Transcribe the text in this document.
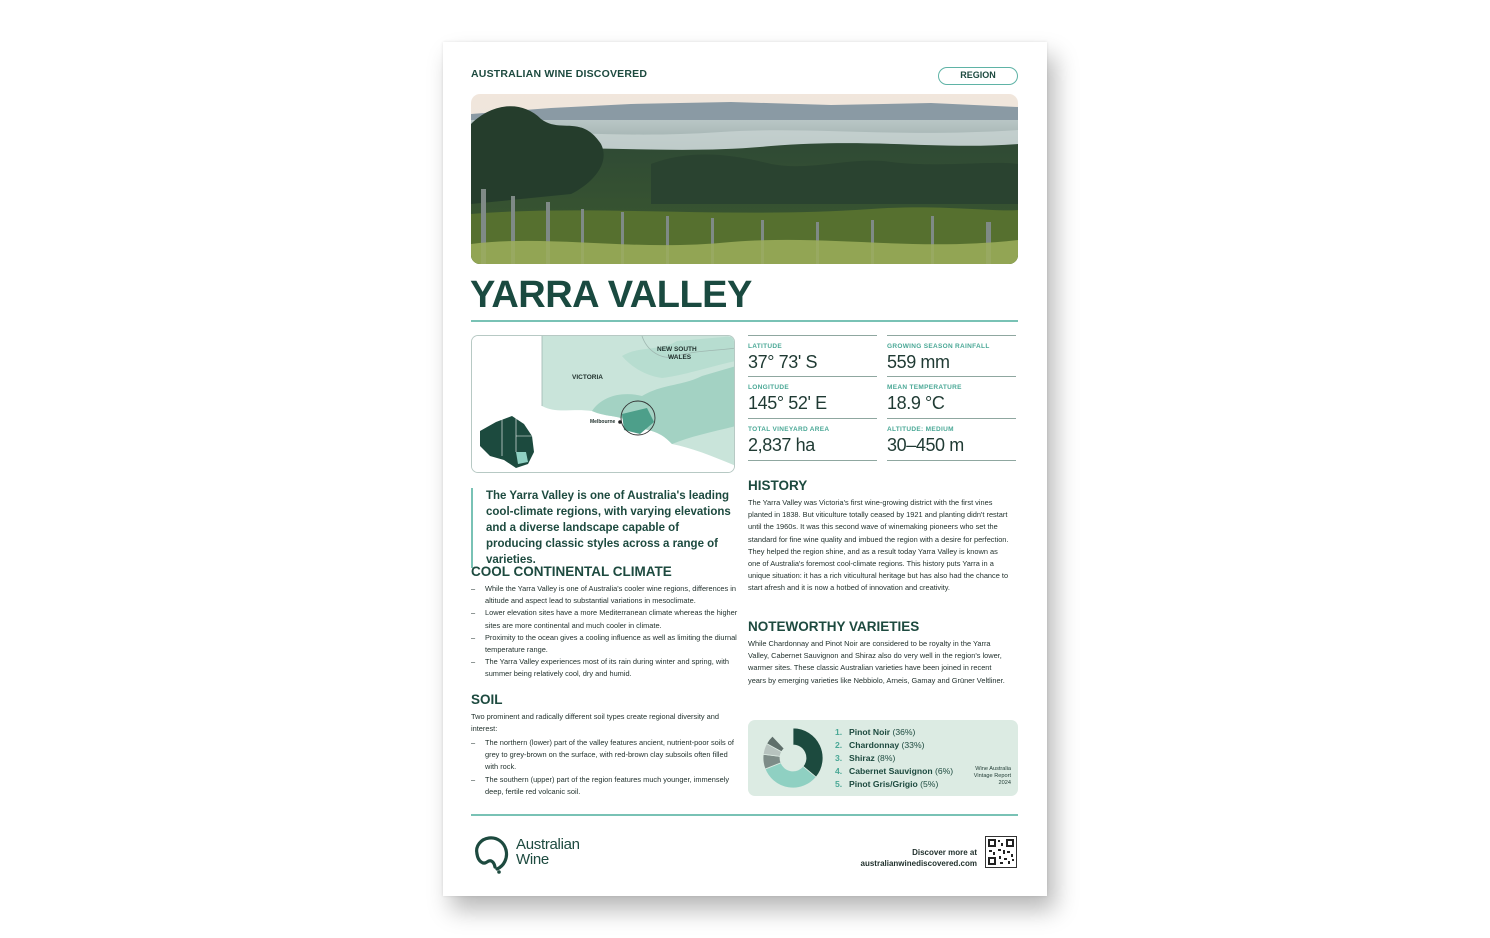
AUSTRALIAN WINE DISCOVERED	REGION
YARRA VALLEY
NEW SOUTH
WALES
VICTORIA
Melbourne
LATITUDE
37° 73' S
GROWING SEASON RAINFALL
559 mm
LONGITUDE
145° 52' E
MEAN TEMPERATURE
18.9 °C
TOTAL VINEYARD AREA
2,837 ha
ALTITUDE: MEDIUM
30–450 m
The Yarra Valley is one of Australia's leading cool-climate regions, with varying elevations and a diverse landscape capable of producing classic styles across a range of varieties.
COOL CONTINENTAL CLIMATE
– While the Yarra Valley is one of Australia's cooler wine regions, differences in altitude and aspect lead to substantial variations in mesoclimate.
– Lower elevation sites have a more Mediterranean climate whereas the higher sites are more continental and much cooler in climate.
– Proximity to the ocean gives a cooling influence as well as limiting the diurnal temperature range.
– The Yarra Valley experiences most of its rain during winter and spring, with summer being relatively cool, dry and humid.
SOIL
Two prominent and radically different soil types create regional diversity and interest:
– The northern (lower) part of the valley features ancient, nutrient-poor soils of grey to grey-brown on the surface, with red-brown clay subsoils often filled with rock.
– The southern (upper) part of the region features much younger, immensely deep, fertile red volcanic soil.
HISTORY
The Yarra Valley was Victoria's first wine-growing district with the first vines planted in 1838. But viticulture totally ceased by 1921 and planting didn't restart until the 1960s. It was this second wave of winemaking pioneers who set the standard for fine wine quality and imbued the region with a desire for perfection. They helped the region shine, and as a result today Yarra Valley is known as one of Australia's foremost cool-climate regions. This history puts Yarra in a unique situation: it has a rich viticultural heritage but has also had the chance to start afresh and it is now a hotbed of innovation and creativity.
NOTEWORTHY VARIETIES
While Chardonnay and Pinot Noir are considered to be royalty in the Yarra Valley, Cabernet Sauvignon and Shiraz also do very well in the region's lower, warmer sites. These classic Australian varieties have been joined in recent years by emerging varieties like Nebbiolo, Arneis, Gamay and Grüner Veltliner.
1. Pinot Noir (36%)
2. Chardonnay (33%)
3. Shiraz (8%)
4. Cabernet Sauvignon (6%)
5. Pinot Gris/Grigio (5%)
Wine Australia
Vintage Report
2024
Australian
Wine	Discover more at
australianwinediscovered.com
